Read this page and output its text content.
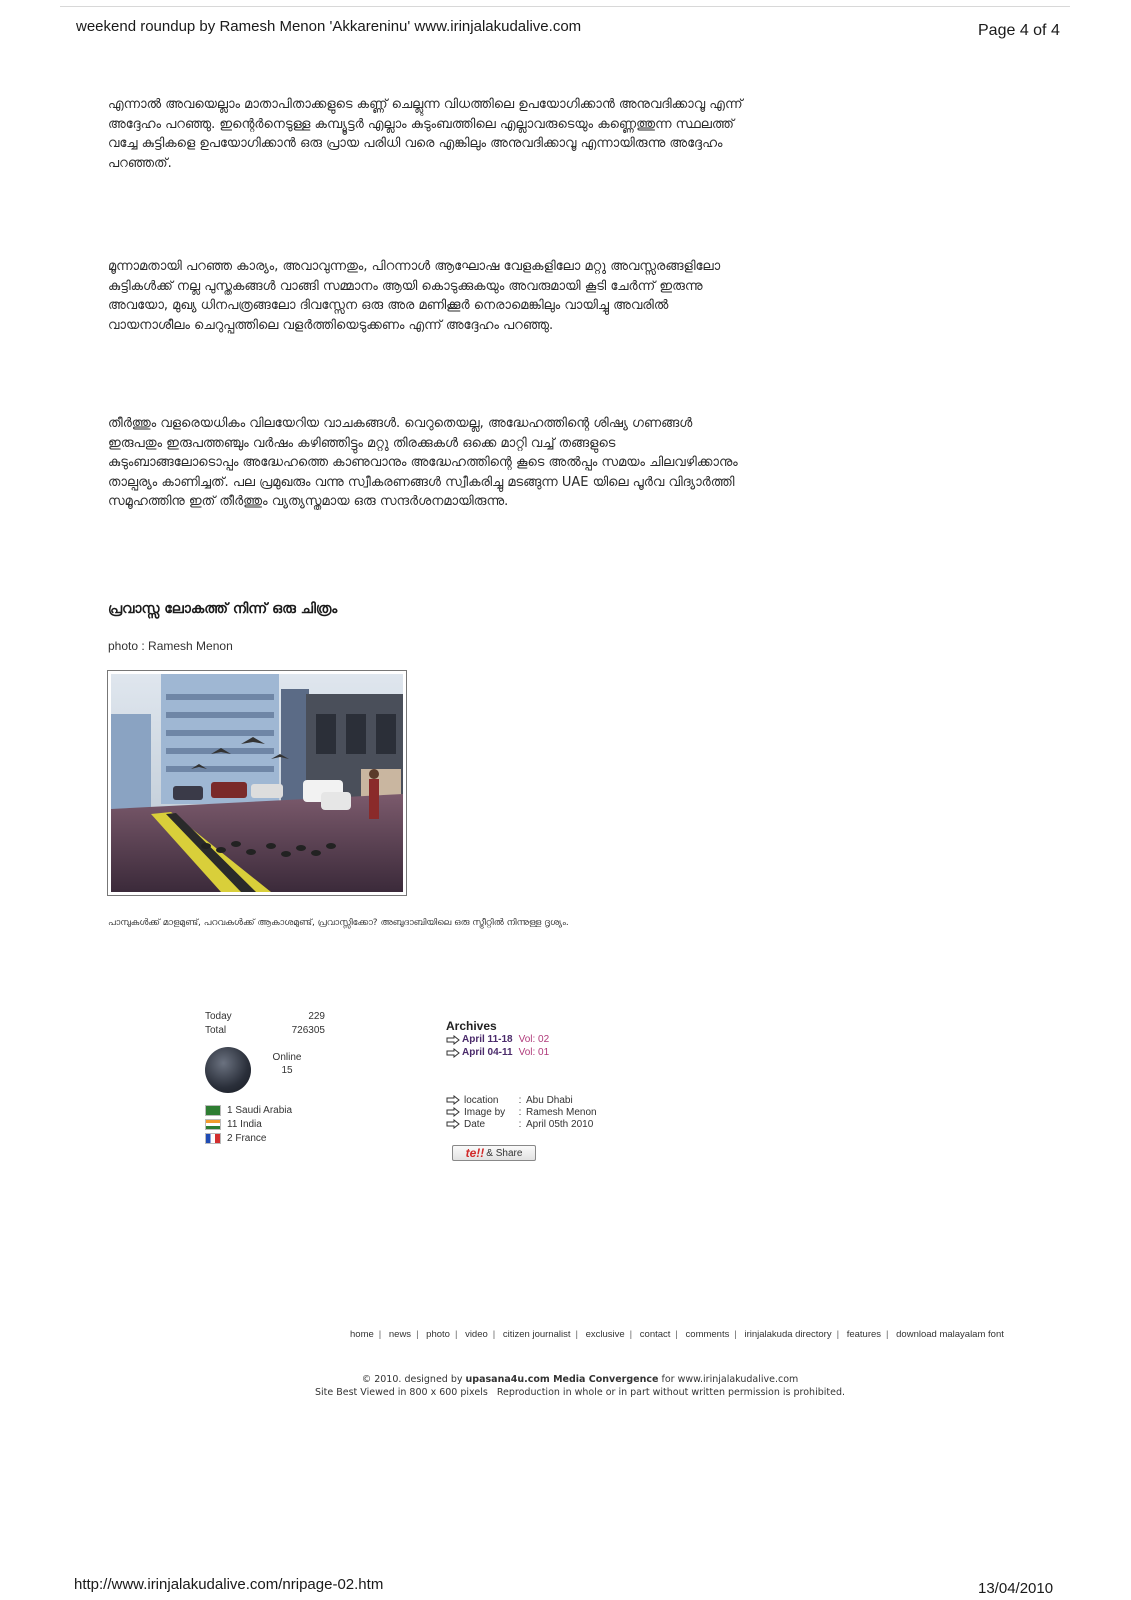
weekend roundup by Ramesh Menon 'Akkareninu' www.irinjalakudalive.com	Page 4 of 4
എന്നാൽ അവയെല്ലാം മാതാപിതാക്കളുടെ കണ്ണ് ചെല്ലുന്ന വിധത്തിലെ ഉപയോഗിക്കാൻ അനുവദിക്കാവൂ എന്ന് അദ്ദേഹം പറഞ്ഞു. ഇന്റെർനെടുള്ള കമ്പ്യൂട്ടർ എല്ലാം കുടുംബത്തിലെ എല്ലാവരുടെയും കണ്ണെത്തുന്ന സ്ഥലത്ത് വച്ചേ കുട്ടികളെ ഉപയോഗിക്കാൻ ഒരു പ്രായ പരിധി വരെ എങ്കിലും അനുവദിക്കാവൂ എന്നായിരുന്നു അദ്ദേഹം പറഞ്ഞത്.
മൂന്നാമതായി പറഞ്ഞ കാര്യം, അവാവുന്നതും, പിറന്നാൾ ആഘോഷ വേളകളിലോ മറ്റു അവസ്സരങ്ങളിലോ കുട്ടികൾക്ക് നല്ല പുസ്തകങ്ങൾ വാങ്ങി സമ്മാനം ആയി കൊടുക്കുകയും അവരുമായി കൂടി ചേർന്ന് ഇരുന്നു അവയോ, മുഖ്യ ധിനപത്രങ്ങലോ ദിവസ്സേന ഒരു അര മണിക്കൂർ നെരാമെങ്കിലും വായിച്ചു അവരിൽ വായനാശീലം ചെറുപ്പത്തിലെ വളർത്തിയെടുക്കണം എന്ന് അദ്ദേഹം പറഞ്ഞു.
തീർത്തും വളരെയധികം വിലയേറിയ വാചകങ്ങൾ. വെറുതെയല്ല, അദ്ധേഹത്തിന്റെ ശിഷ്യ ഗണങ്ങൾ ഇരുപതും ഇരുപത്തഞ്ചും വർഷം കഴിഞ്ഞിട്ടും മറ്റു തിരക്കുകൾ ഒക്കെ മാറ്റി വച്ച് തങ്ങളുടെ കുടുംബാങ്ങലോടൊപ്പം അദ്ധേഹത്തെ കാണുവാനും അദ്ധേഹത്തിന്റെ കൂടെ അൽപ്പം സമയം ചിലവഴിക്കാനും താല്പര്യം കാണിച്ചത്. പല പ്രമുഖരും വന്നു സ്വീകരണങ്ങൾ സ്വീകരിച്ചു മടങ്ങുന്ന UAE യിലെ പൂർവ വിദ്യാർത്തി സമൂഹത്തിനു ഇത് തീർത്തും വ്യത്യസ്തമായ ഒരു സന്ദർശനമായിരുന്നു.
പ്രവാസ്സ ലോകത്ത് നിന്ന് ഒരു ചിത്രം
photo : Ramesh Menon
പാമ്പുകൾക്ക് മാളമുണ്ട്, പറവകൾക്ക് ആകാശമുണ്ട്, പ്രവാസ്സിക്കോ? അബുദാബിയിലെ ഒരു സ്ട്രീറ്റിൽ നിന്നുള്ള ദൃശ്യം.
Today	229
Total	726305
Online
15
1 Saudi Arabia
11 India
2 France
Archives
April 11-18 Vol: 02
April 04-11 Vol: 01
location	: Abu Dhabi
Image by	: Ramesh Menon
Date	: April 05th 2010
te!! & Share
home | news | photo | video | citizen journalist | exclusive | contact | comments | irinjalakuda directory | features | download malayalam font
© 2010. designed by upasana4u.com Media Convergence for www.irinjalakudalive.com
Site Best Viewed in 800 x 600 pixels Reproduction in whole or in part without written permission is prohibited.
http://www.irinjalakudalive.com/nripage-02.htm	13/04/2010
